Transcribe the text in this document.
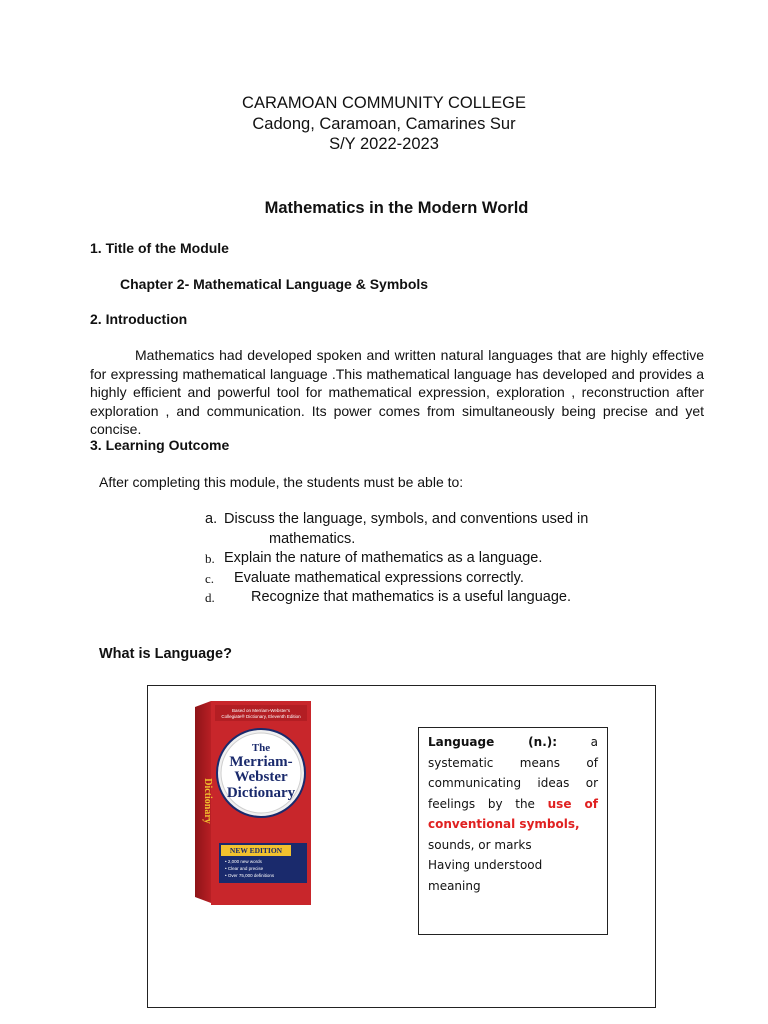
CARAMOAN COMMUNITY COLLEGE
Cadong, Caramoan, Camarines Sur
S/Y 2022-2023
Mathematics in the Modern World
1. Title of the Module
Chapter 2- Mathematical Language & Symbols
2. Introduction
Mathematics had developed spoken and written natural languages that are highly effective for expressing mathematical language .This mathematical language has developed and provides a highly efficient and powerful tool for mathematical expression, exploration , reconstruction after exploration , and communication. Its power comes from simultaneously being precise and yet concise.
3. Learning Outcome
After completing this module, the students must be able to:
a. Discuss the language, symbols, and conventions used in
mathematics.
b. Explain the nature of mathematics as a language.
c.	Evaluate mathematical expressions correctly.
d.	Recognize that mathematics is a useful language.
What is Language?
Based on Merriam-Webster's
Collegiate® Dictionary, Eleventh Edition
Dictionary
The
Merriam-
Webster
Dictionary
NEW EDITION
• 2,000 new words
• Clear and precise
• Over 75,000 definitions
Language (n.):	a systematic means of communicating ideas or feelings by the use of conventional symbols,
sounds, or marks
Having understood meaning
